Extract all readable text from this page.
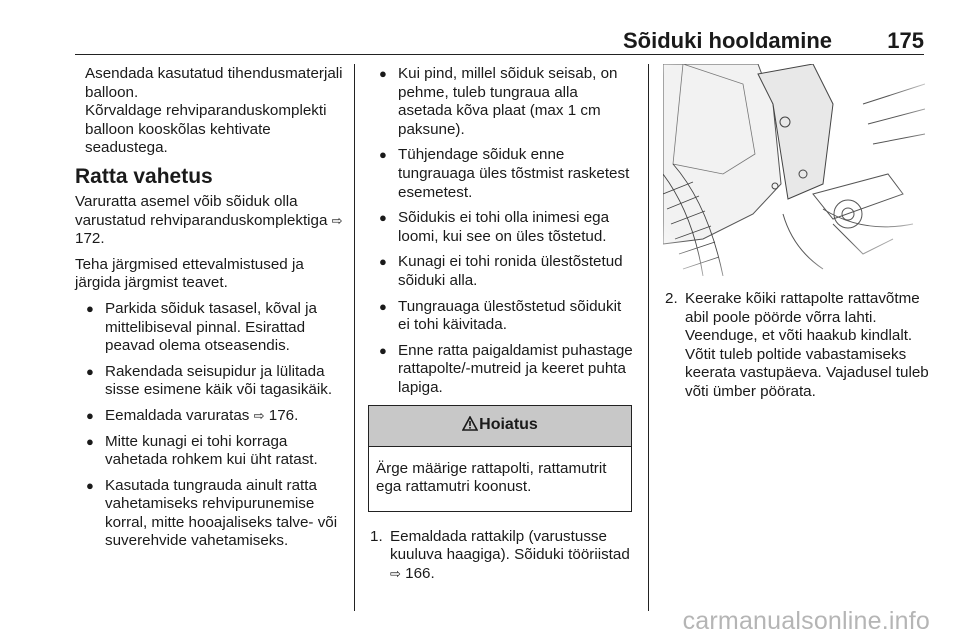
Sõiduki hooldamine	175

Asendada kasutatud tihendusmaterjali balloon.

Kõrvaldage rehviparanduskomplekti balloon kooskõlas kehtivate seadustega.

Ratta vahetus

Varuratta asemel võib sõiduk olla varustatud rehviparanduskomplektiga ⇨ 172.

Teha järgmised ettevalmistused ja järgida järgmist teavet.

● Parkida sõiduk tasasel, kõval ja mittelibiseval pinnal. Esirattad peavad olema otseasendis.
● Rakendada seisupidur ja lülitada sisse esimene käik või tagasikäik.
● Eemaldada varuratas ⇨ 176.
● Mitte kunagi ei tohi korraga vahetada rohkem kui üht ratast.
● Kasutada tungrauda ainult ratta vahetamiseks rehvipurunemise korral, mitte hooajaliseks talve- või suverehvide vahetamiseks.
● Kui pind, millel sõiduk seisab, on pehme, tuleb tungraua alla asetada kõva plaat (max 1 cm paksune).
● Tühjendage sõiduk enne tungrauaga üles tõstmist rasketest esemetest.
● Sõidukis ei tohi olla inimesi ega loomi, kui see on üles tõstetud.
● Kunagi ei tohi ronida ülestõstetud sõiduki alla.
● Tungrauaga ülestõstetud sõidukit ei tohi käivitada.
● Enne ratta paigaldamist puhastage rattapolte/-mutreid ja keeret puhta lapiga.
Hoiatus
Ärge määrige rattapolti, rattamutrit ega rattamutri koonust.
1. Eemaldada rattakilp (varustusse kuuluva haagiga). Sõiduki tööriistad ⇨ 166.
2. Keerake kõiki rattapolte rattavõtme abil poole pöörde võrra lahti. Veenduge, et võti haakub kindlalt. Võtit tuleb poltide vabastamiseks keerata vastupäeva. Vajadusel tuleb võti ümber pöörata.
carmanualsonline.info
